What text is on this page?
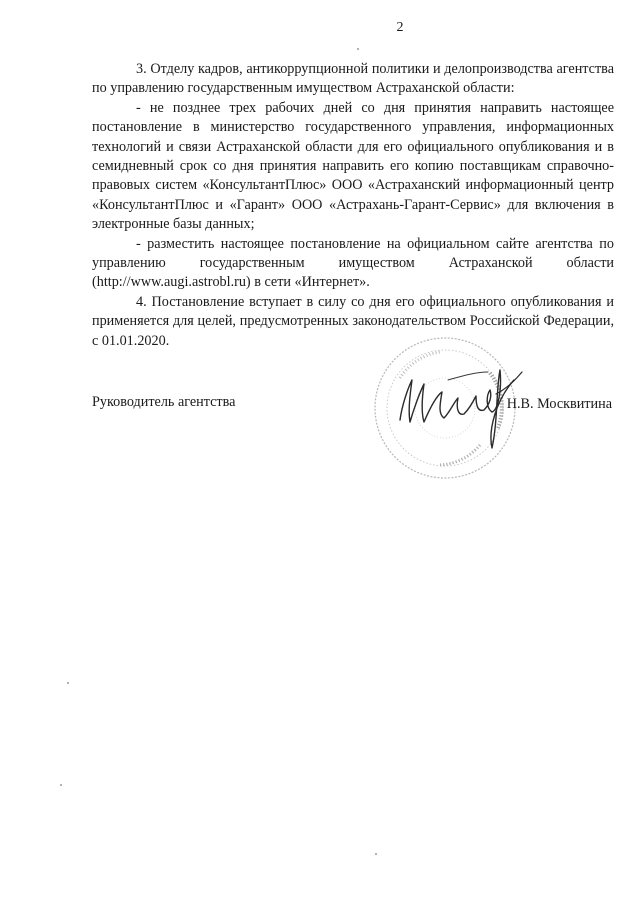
2

3. Отделу кадров, антикоррупционной политики и делопроизводства агентства по управлению государственным имуществом Астраханской области:

- не позднее трех рабочих дней со дня принятия направить настоящее постановление в министерство государственного управления, информационных технологий и связи Астраханской области для его официального опубликования и в семидневный срок со дня принятия направить его копию поставщикам справочно-правовых систем «КонсультантПлюс» ООО «Астраханский информационный центр «КонсультантПлюс и «Гарант» ООО «Астрахань-Гарант-Сервис» для включения в электронные базы данных;

- разместить настоящее постановление на официальном сайте агентства по управлению государственным имуществом Астраханской области (http://www.augi.astrobl.ru) в сети «Интернет».

4. Постановление вступает в силу со дня его официального опубликования и применяется для целей, предусмотренных законодательством Российской Федерации, с 01.01.2020.

Руководитель агентства	Н.В. Москвитина
